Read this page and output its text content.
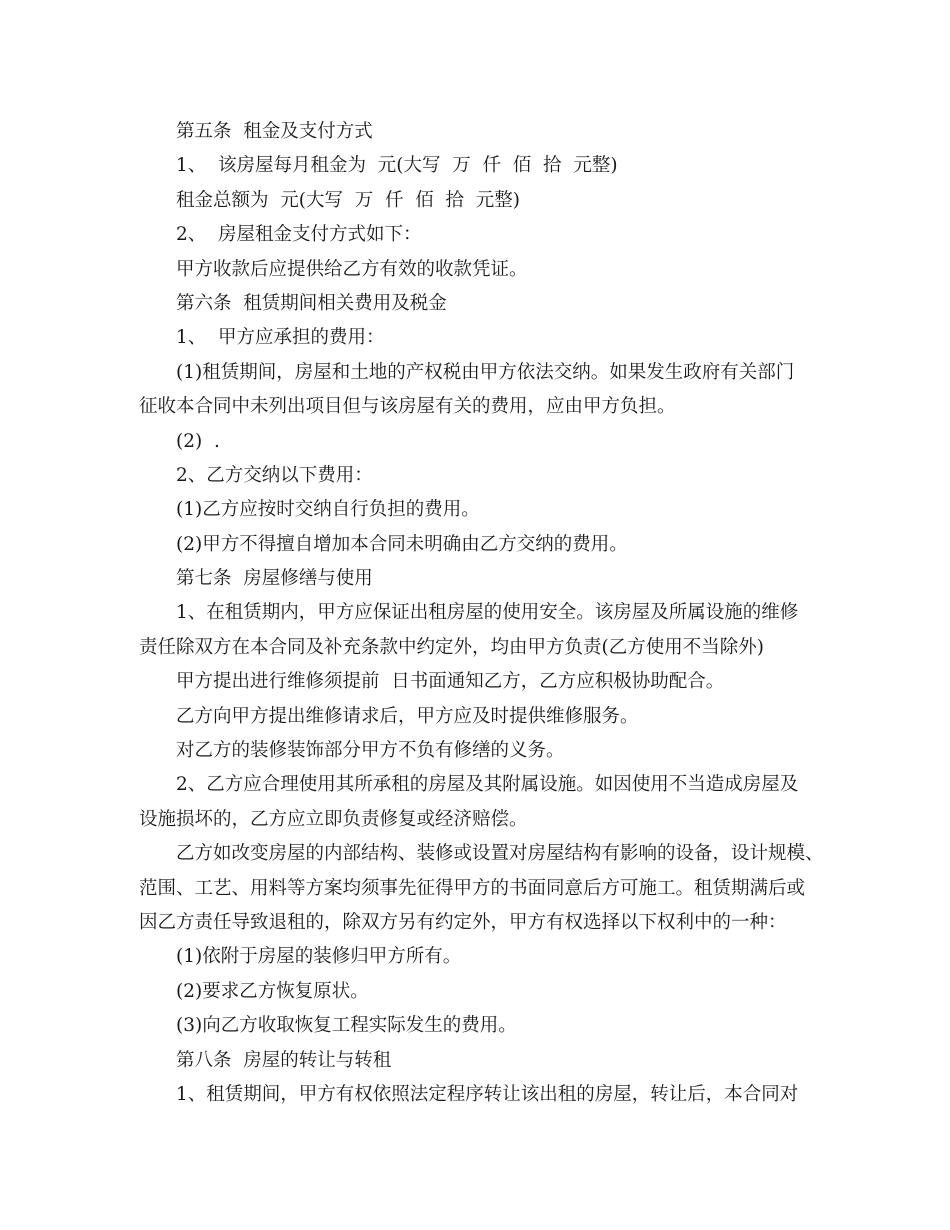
第五条  租金及支付方式
1、  该房屋每月租金为  元(大写  万  仟  佰  拾  元整)
租金总额为  元(大写  万  仟  佰  拾  元整)
2、  房屋租金支付方式如下：
甲方收款后应提供给乙方有效的收款凭证。
第六条  租赁期间相关费用及税金
1、  甲方应承担的费用：
(1)租赁期间，房屋和土地的产权税由甲方依法交纳。如果发生政府有关部门
征收本合同中未列出项目但与该房屋有关的费用，应由甲方负担。
(2)  .
2、乙方交纳以下费用：
(1)乙方应按时交纳自行负担的费用。
(2)甲方不得擅自增加本合同未明确由乙方交纳的费用。
第七条  房屋修缮与使用
1、在租赁期内，甲方应保证出租房屋的使用安全。该房屋及所属设施的维修
责任除双方在本合同及补充条款中约定外，均由甲方负责(乙方使用不当除外)
甲方提出进行维修须提前  日书面通知乙方，乙方应积极协助配合。
乙方向甲方提出维修请求后，甲方应及时提供维修服务。
对乙方的装修装饰部分甲方不负有修缮的义务。
2、乙方应合理使用其所承租的房屋及其附属设施。如因使用不当造成房屋及
设施损坏的，乙方应立即负责修复或经济赔偿。
乙方如改变房屋的内部结构、装修或设置对房屋结构有影响的设备，设计规模、
范围、工艺、用料等方案均须事先征得甲方的书面同意后方可施工。租赁期满后或
因乙方责任导致退租的，除双方另有约定外，甲方有权选择以下权利中的一种：
(1)依附于房屋的装修归甲方所有。
(2)要求乙方恢复原状。
(3)向乙方收取恢复工程实际发生的费用。
第八条  房屋的转让与转租
1、租赁期间，甲方有权依照法定程序转让该出租的房屋，转让后，本合同对
